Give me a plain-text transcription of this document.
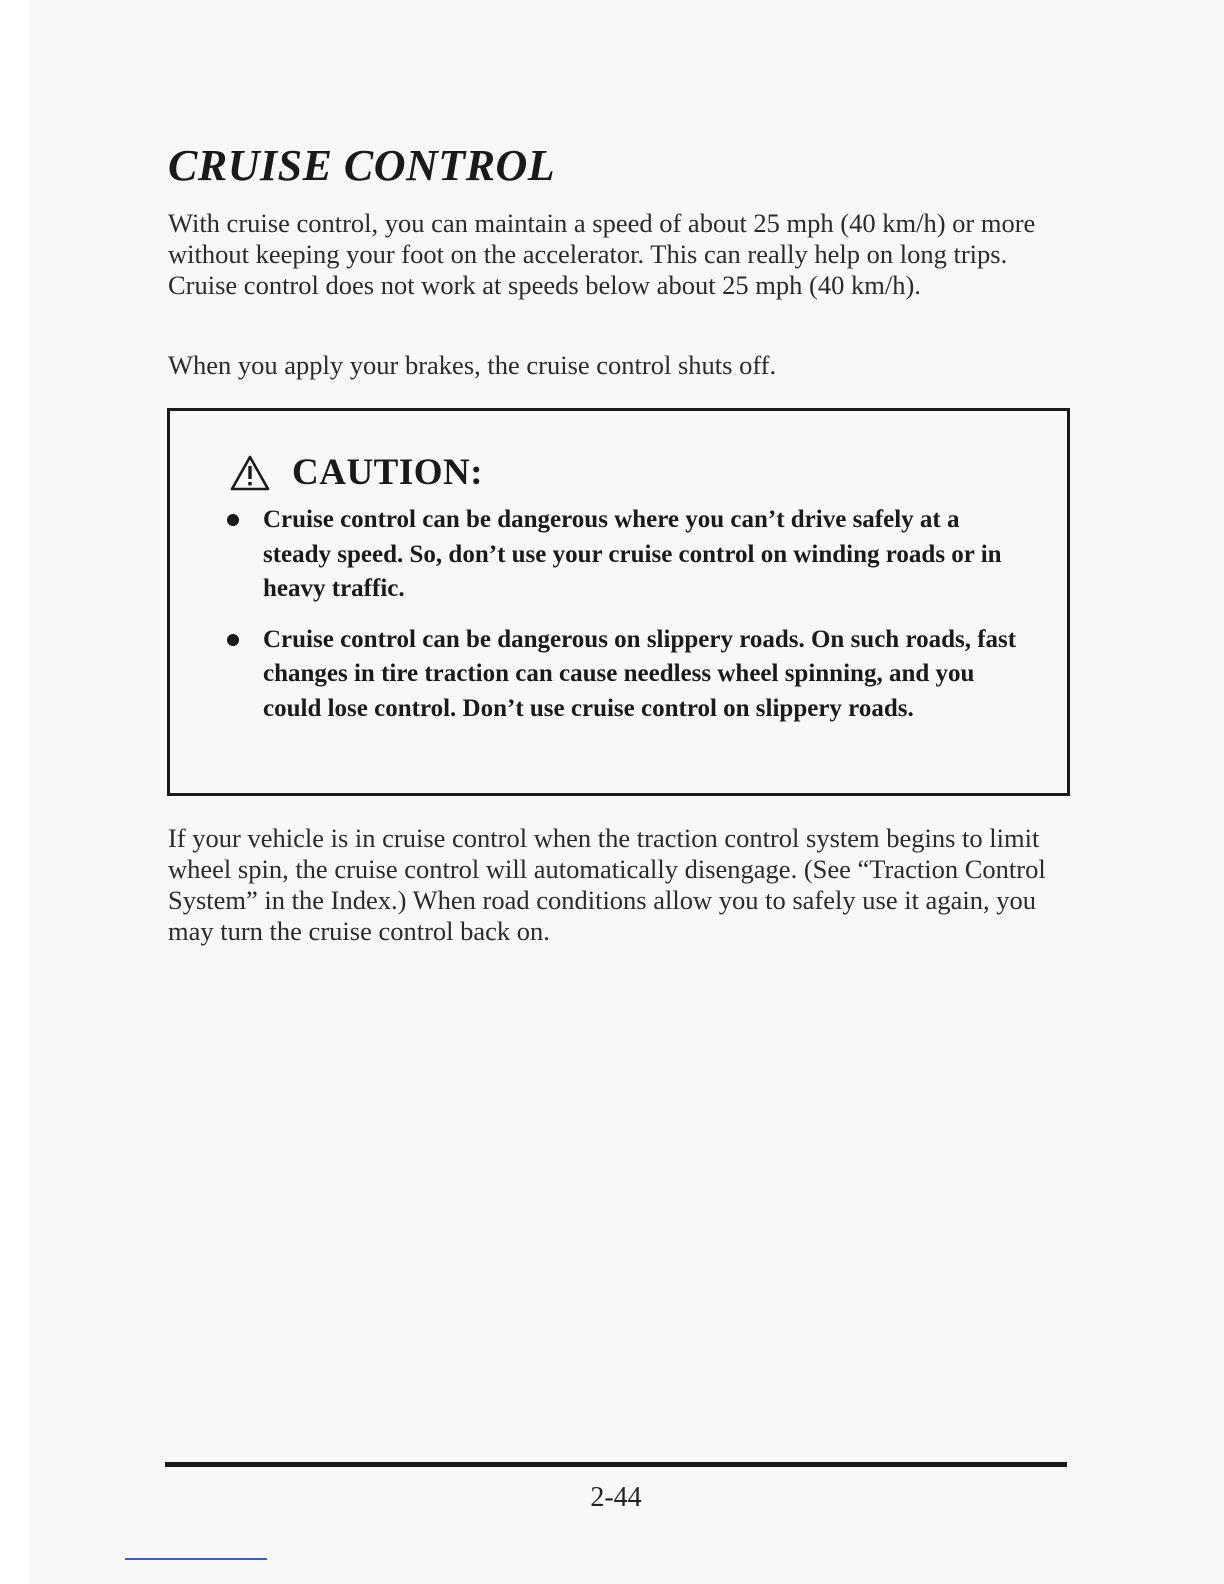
CRUISE CONTROL

With cruise control, you can maintain a speed of about 25 mph (40 km/h) or more without keeping your foot on the accelerator. This can really help on long trips. Cruise control does not work at speeds below about 25 mph (40 km/h).

When you apply your brakes, the cruise control shuts off.

CAUTION:
Cruise control can be dangerous where you can’t drive safely at a steady speed. So, don’t use your cruise control on winding roads or in heavy traffic.
Cruise control can be dangerous on slippery roads. On such roads, fast changes in tire traction can cause needless wheel spinning, and you could lose control. Don’t use cruise control on slippery roads.

If your vehicle is in cruise control when the traction control system begins to limit wheel spin, the cruise control will automatically disengage. (See “Traction Control System” in the Index.) When road conditions allow you to safely use it again, you may turn the cruise control back on.

2-44
